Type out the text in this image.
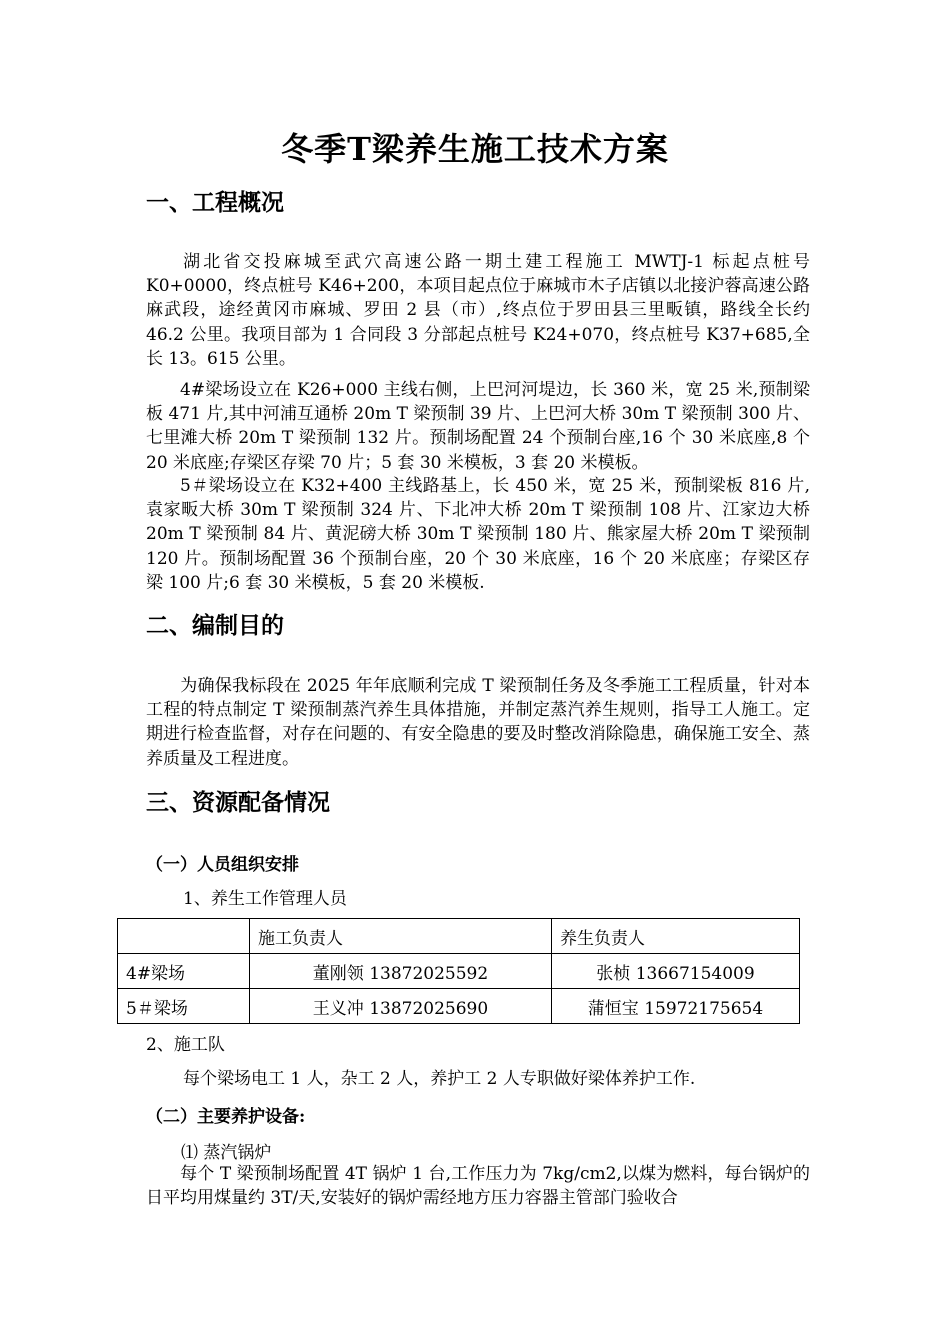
冬季T梁养生施工技术方案
一、工程概况
湖北省交投麻城至武穴高速公路一期土建工程施工 MWTJ-1 标起点桩号 K0+0000，终点桩号 K46+200，本项目起点位于麻城市木子店镇以北接沪蓉高速公路麻武段，途经黄冈市麻城、罗田 2 县（市）,终点位于罗田县三里畈镇，路线全长约 46.2 公里。我项目部为 1 合同段 3 分部起点桩号 K24+070，终点桩号 K37+685,全长 13。615 公里。
4#梁场设立在 K26+000 主线右侧，上巴河河堤边，长 360 米，宽 25 米,预制梁板 471 片,其中河浦互通桥 20m T 梁预制 39 片、上巴河大桥 30m T 梁预制 300 片、七里滩大桥 20m T 梁预制 132 片。预制场配置 24 个预制台座,16 个 30 米底座,8 个 20 米底座;存梁区存梁 70 片；5 套 30 米模板，3 套 20 米模板。
5＃梁场设立在 K32+400 主线路基上，长 450 米，宽 25 米，预制梁板 816 片,袁家畈大桥 30m T 梁预制 324 片、下北冲大桥 20m T 梁预制 108 片、江家边大桥 20m T 梁预制 84 片、黄泥磅大桥 30m T 梁预制 180 片、熊家屋大桥 20m T 梁预制 120 片。预制场配置 36 个预制台座，20 个 30 米底座，16 个 20 米底座；存梁区存梁 100 片;6 套 30 米模板，5 套 20 米模板.
二、编制目的
为确保我标段在 2025 年年底顺利完成 T 梁预制任务及冬季施工工程质量，针对本工程的特点制定 T 梁预制蒸汽养生具体措施，并制定蒸汽养生规则，指导工人施工。定期进行检查监督，对存在问题的、有安全隐患的要及时整改消除隐患，确保施工安全、蒸养质量及工程进度。
三、资源配备情况
（一）人员组织安排
1、养生工作管理人员
	施工负责人	养生负责人
4#梁场	董刚领 13872025592	张桢 13667154009
5＃梁场	王义冲 13872025690	蒲恒宝 15972175654
2、施工队
每个梁场电工 1 人，杂工 2 人，养护工 2 人专职做好梁体养护工作.
（二）主要养护设备:
⑴ 蒸汽锅炉
每个 T 梁预制场配置 4T 锅炉 1 台,工作压力为 7kg/cm2,以煤为燃料，每台锅炉的日平均用煤量约 3T/天,安装好的锅炉需经地方压力容器主管部门验收合
